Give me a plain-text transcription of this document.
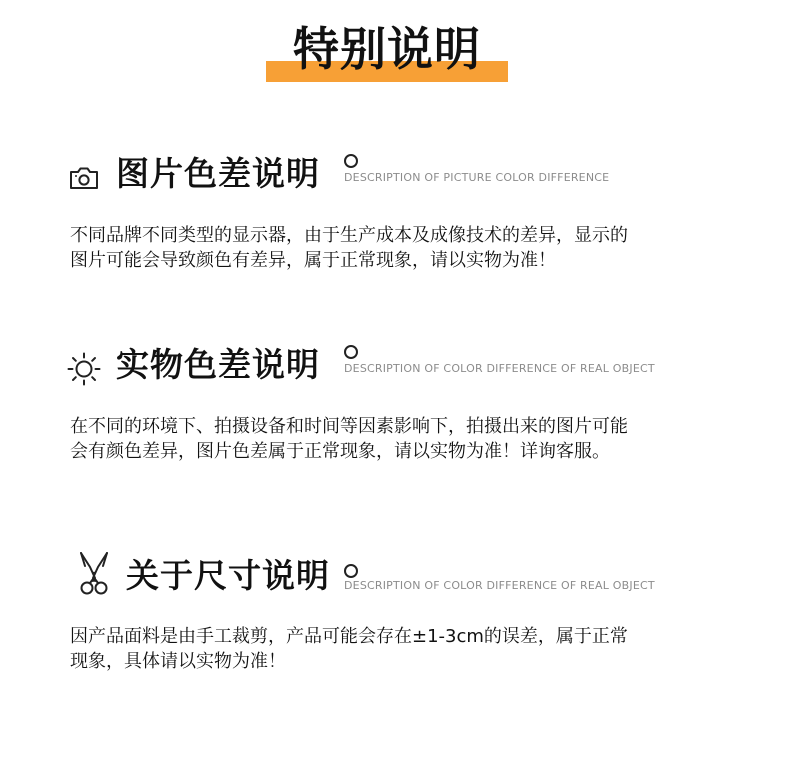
特别说明
图片色差说明 DESCRIPTION OF PICTURE COLOR DIFFERENCE

不同品牌不同类型的显示器，由于生产成本及成像技术的差异，显示的

图片可能会导致颜色有差异，属于正常现象，请以实物为准！

实物色差说明 DESCRIPTION OF COLOR DIFFERENCE OF REAL OBJECT

在不同的环境下、拍摄设备和时间等因素影响下，拍摄出来的图片可能

会有颜色差异，图片色差属于正常现象，请以实物为准！详询客服。

关于尺寸说明 DESCRIPTION OF COLOR DIFFERENCE OF REAL OBJECT

因产品面料是由手工裁剪，产品可能会存在±1-3cm的误差，属于正常

现象，具体请以实物为准！
